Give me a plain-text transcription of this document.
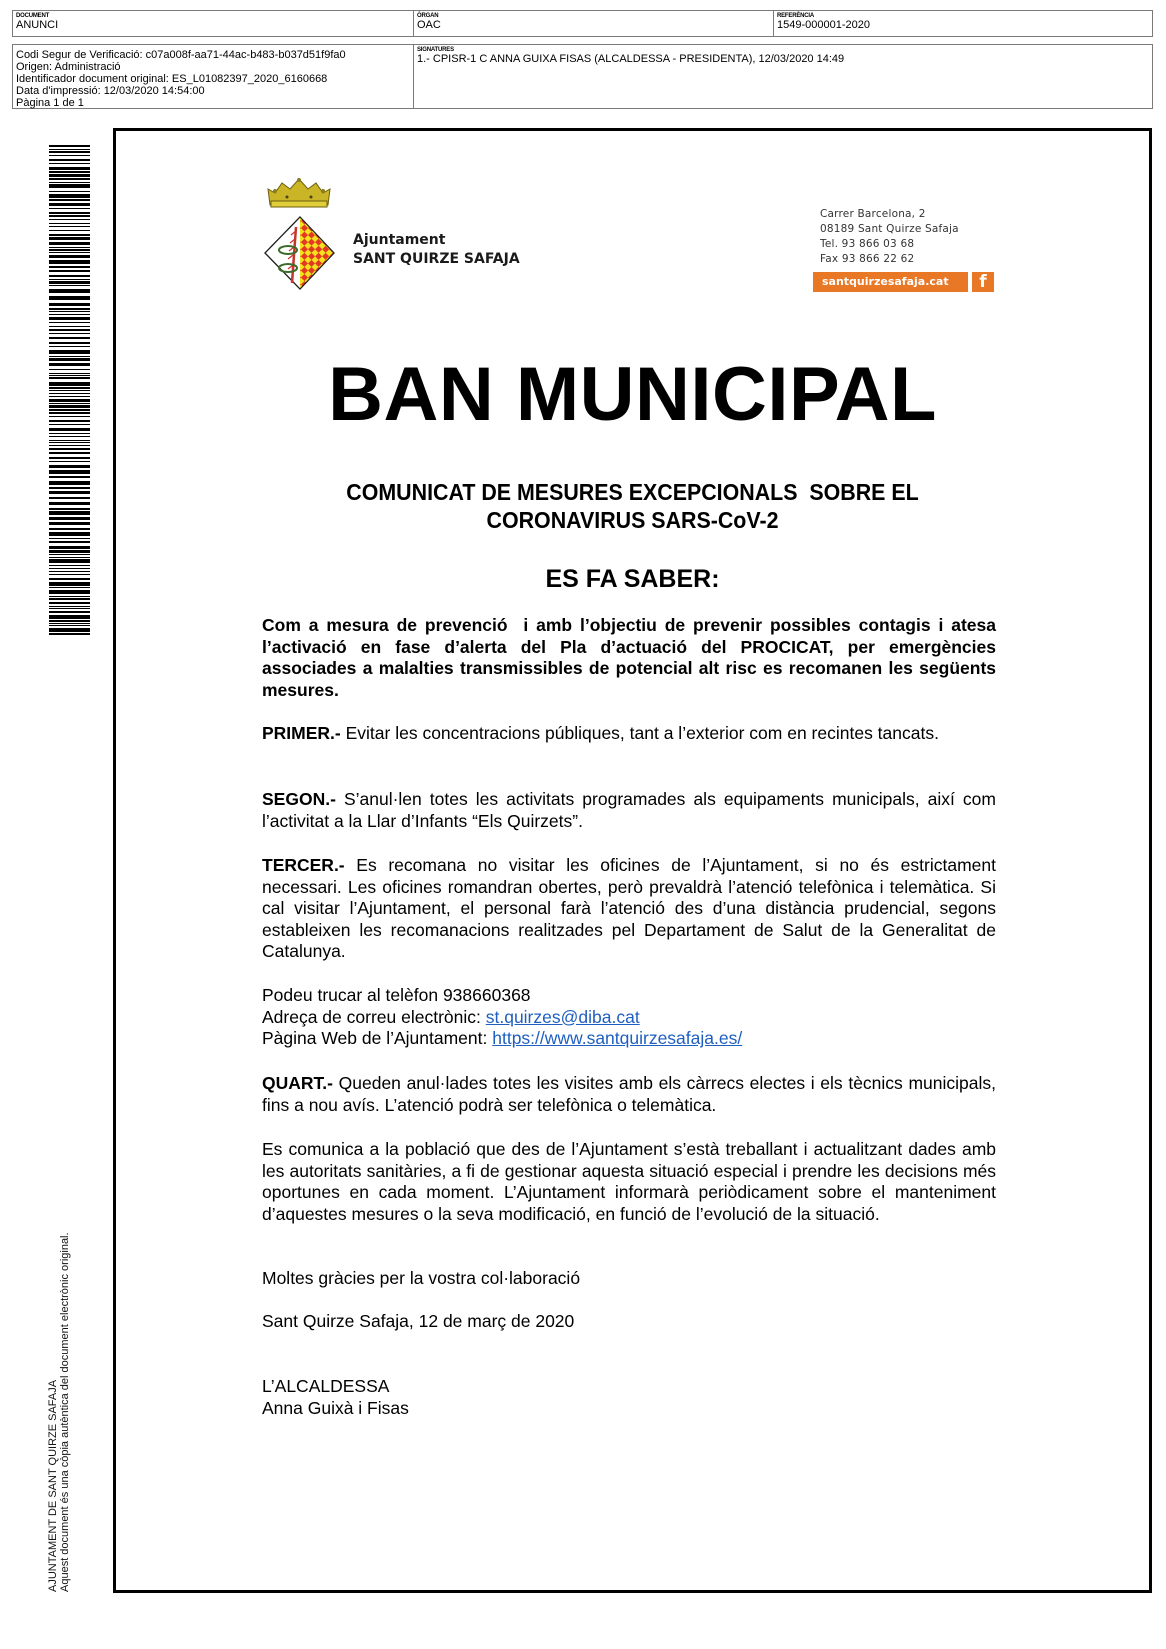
DOCUMENT
ANUNCI
ÒRGAN
OAC
REFERÈNCIA
1549-000001-2020
Codi Segur de Verificació: c07a008f-aa71-44ac-b483-b037d51f9fa0
Origen: Administració
Identificador document original: ES_L01082397_2020_6160668
Data d'impressió: 12/03/2020 14:54:00
Pàgina 1 de 1
SIGNATURES
1.- CPISR-1 C ANNA GUIXA FISAS (ALCALDESSA - PRESIDENTA), 12/03/2020 14:49
AJUNTAMENT DE SANT QUIRZE SAFAJA Aquest document és una còpia autèntica del document electrònic original.
Ajuntament
SANT QUIRZE SAFAJA
Carrer Barcelona, 2
08189 Sant Quirze Safaja
Tel. 93 866 03 68
Fax 93 866 22 62
santquirzesafaja.cat	f
BAN MUNICIPAL
COMUNICAT DE MESURES EXCEPCIONALS  SOBRE EL
CORONAVIRUS SARS-CoV-2
ES FA SABER:

Com a mesura de prevenció  i amb l’objectiu de prevenir possibles contagis i atesa l’activació en fase d’alerta del Pla d’actuació del PROCICAT, per emergències associades a malalties transmissibles de potencial alt risc es recomanen les següents mesures.

PRIMER.- Evitar les concentracions públiques, tant a l’exterior com en recintes tancats.

SEGON.- S’anul·len totes les activitats programades als equipaments municipals, així com l’activitat a la Llar d’Infants “Els Quirzets”.

TERCER.- Es recomana no visitar les oficines de l’Ajuntament, si no és estrictament necessari. Les oficines romandran obertes, però prevaldrà l’atenció telefònica i telemàtica. Si cal visitar l’Ajuntament, el personal farà l’atenció des d’una distància prudencial, segons estableixen les recomanacions realitzades pel Departament de Salut de la Generalitat de Catalunya.

Podeu trucar al telèfon 938660368
Adreça de correu electrònic: st.quirzes@diba.cat
Pàgina Web de l’Ajuntament: https://www.santquirzesafaja.es/

QUART.- Queden anul·lades totes les visites amb els càrrecs electes i els tècnics municipals, fins a nou avís. L’atenció podrà ser telefònica o telemàtica.

Es comunica a la població que des de l’Ajuntament s’està treballant i actualitzant dades amb les autoritats sanitàries, a fi de gestionar aquesta situació especial i prendre les decisions més oportunes en cada moment. L’Ajuntament informarà periòdicament sobre el manteniment d’aquestes mesures o la seva modificació, en funció de l’evolució de la situació.

Moltes gràcies per la vostra col·laboració
Sant Quirze Safaja, 12 de març de 2020
L’ALCALDESSA
Anna Guixà i Fisas
